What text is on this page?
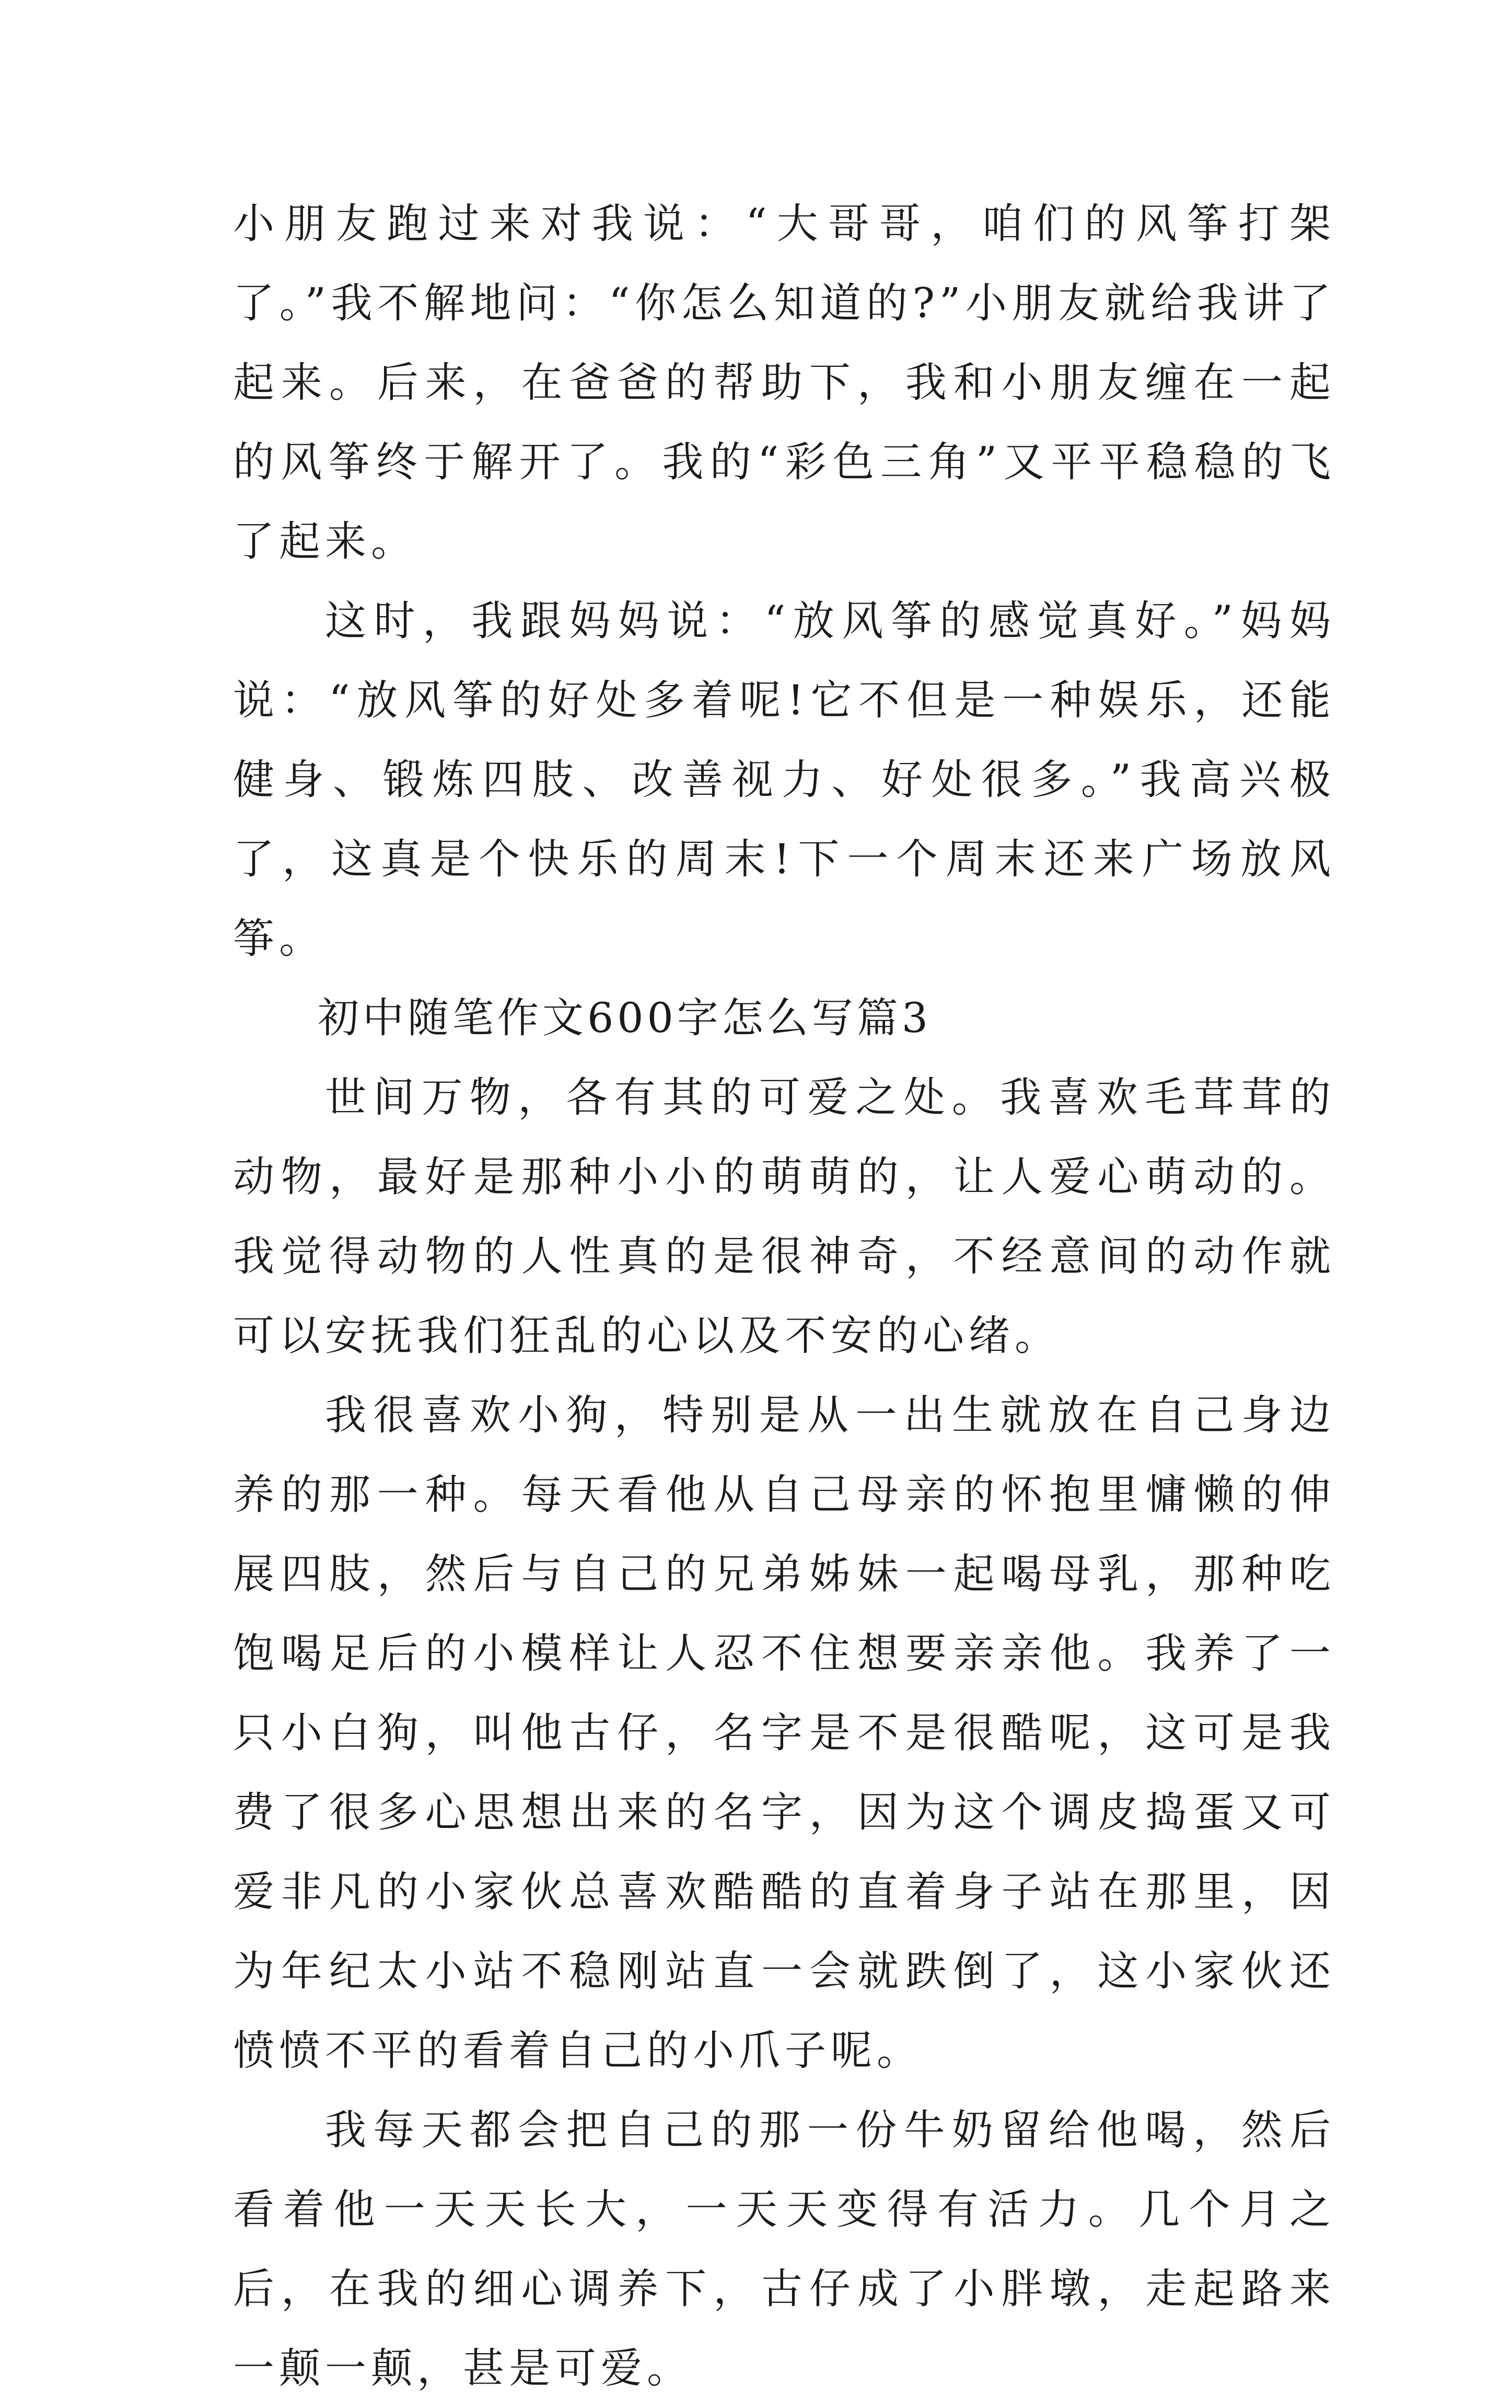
小朋友跑过来对我说：“大哥哥，咱们的风筝打架了。”我不解地问：“你怎么知道的?”小朋友就给我讲了起来。后来，在爸爸的帮助下，我和小朋友缠在一起的风筝终于解开了。我的“彩色三角”又平平稳稳的飞了起来。

这时，我跟妈妈说：“放风筝的感觉真好。”妈妈说：“放风筝的好处多着呢!它不但是一种娱乐，还能健身、锻炼四肢、改善视力、好处很多。”我高兴极了，这真是个快乐的周末!下一个周末还来广场放风筝。

初中随笔作文600字怎么写篇3

世间万物，各有其的可爱之处。我喜欢毛茸茸的动物，最好是那种小小的萌萌的，让人爱心萌动的。我觉得动物的人性真的是很神奇，不经意间的动作就可以安抚我们狂乱的心以及不安的心绪。

我很喜欢小狗，特别是从一出生就放在自己身边养的那一种。每天看他从自己母亲的怀抱里慵懒的伸展四肢，然后与自己的兄弟姊妹一起喝母乳，那种吃饱喝足后的小模样让人忍不住想要亲亲他。我养了一只小白狗，叫他古仔，名字是不是很酷呢，这可是我费了很多心思想出来的名字，因为这个调皮捣蛋又可爱非凡的小家伙总喜欢酷酷的直着身子站在那里，因为年纪太小站不稳刚站直一会就跌倒了，这小家伙还愤愤不平的看着自己的小爪子呢。

我每天都会把自己的那一份牛奶留给他喝，然后看着他一天天长大，一天天变得有活力。几个月之后，在我的细心调养下，古仔成了小胖墩，走起路来一颠一颠，甚是可爱。
